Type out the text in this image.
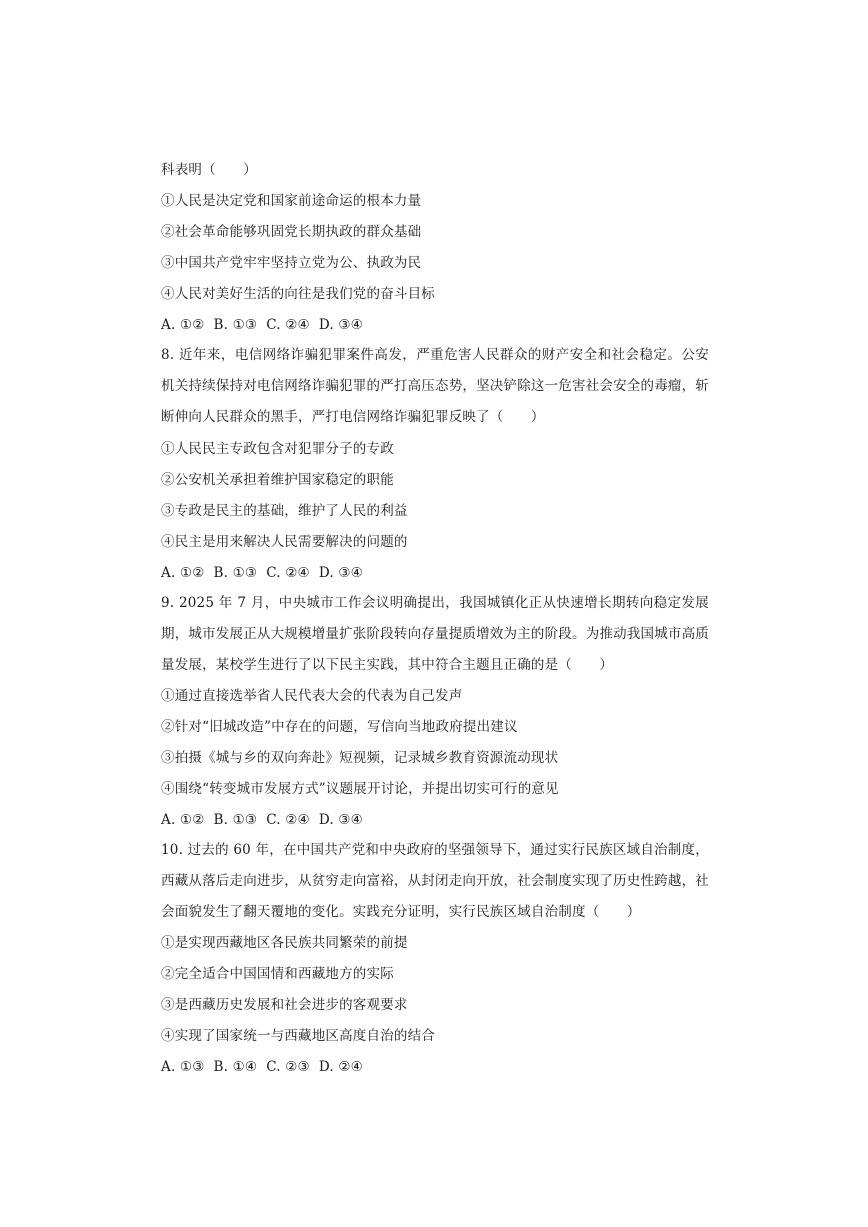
科表明（　　）
①人民是决定党和国家前途命运的根本力量
②社会革命能够巩固党长期执政的群众基础
③中国共产党牢牢坚持立党为公、执政为民
④人民对美好生活的向往是我们党的奋斗目标
A. ①②  B. ①③  C. ②④  D. ③④
8. 近年来，电信网络诈骗犯罪案件高发，严重危害人民群众的财产安全和社会稳定。公安机关持续保持对电信网络诈骗犯罪的严打高压态势，坚决铲除这一危害社会安全的毒瘤，斩断伸向人民群众的黑手，严打电信网络诈骗犯罪反映了（　　）
①人民民主专政包含对犯罪分子的专政
②公安机关承担着维护国家稳定的职能
③专政是民主的基础，维护了人民的利益
④民主是用来解决人民需要解决的问题的
A. ①②  B. ①③  C. ②④  D. ③④
9. 2025 年 7 月，中央城市工作会议明确提出，我国城镇化正从快速增长期转向稳定发展期，城市发展正从大规模增量扩张阶段转向存量提质增效为主的阶段。为推动我国城市高质量发展，某校学生进行了以下民主实践，其中符合主题且正确的是（　　）
①通过直接选举省人民代表大会的代表为自己发声
②针对“旧城改造”中存在的问题，写信向当地政府提出建议
③拍摄《城与乡的双向奔赴》短视频，记录城乡教育资源流动现状
④围绕“转变城市发展方式”议题展开讨论，并提出切实可行的意见
A. ①②  B. ①③  C. ②④  D. ③④
10. 过去的 60 年，在中国共产党和中央政府的坚强领导下，通过实行民族区域自治制度，西藏从落后走向进步，从贫穷走向富裕，从封闭走向开放，社会制度实现了历史性跨越，社会面貌发生了翻天覆地的变化。实践充分证明，实行民族区域自治制度（　　）
①是实现西藏地区各民族共同繁荣的前提
②完全适合中国国情和西藏地方的实际
③是西藏历史发展和社会进步的客观要求
④实现了国家统一与西藏地区高度自治的结合
A. ①③  B. ①④  C. ②③  D. ②④
